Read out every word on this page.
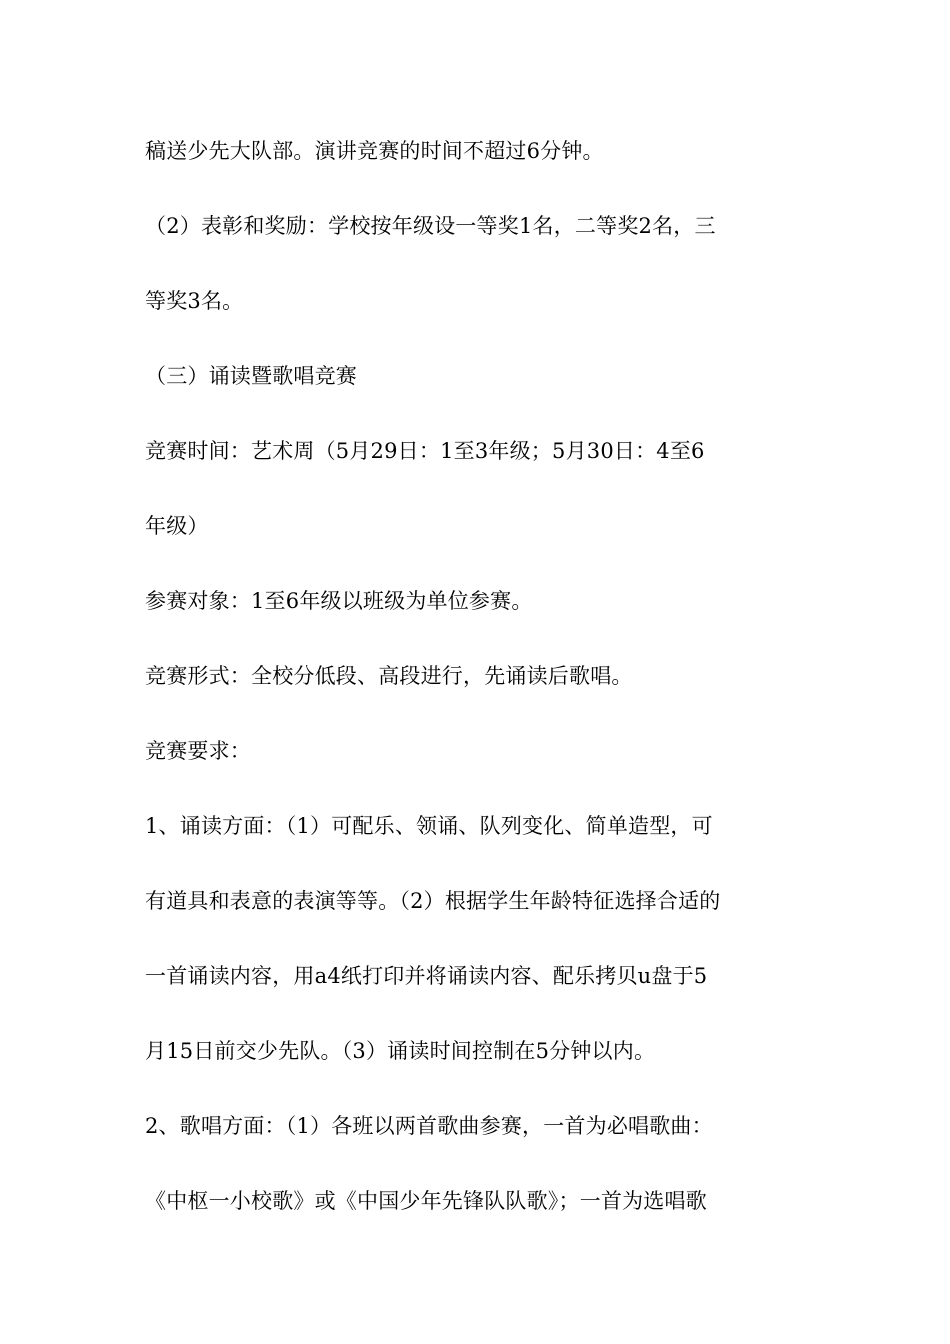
稿送少先大队部。演讲竞赛的时间不超过6分钟。
（2）表彰和奖励：学校按年级设一等奖1名，二等奖2名，三
等奖3名。
（三）诵读暨歌唱竞赛
竞赛时间：艺术周（5月29日：1至3年级；5月30日：4至6
年级）
参赛对象：1至6年级以班级为单位参赛。
竞赛形式：全校分低段、高段进行，先诵读后歌唱。
竞赛要求：
1、诵读方面：（1）可配乐、领诵、队列变化、简单造型，可
有道具和表意的表演等等。（2）根据学生年龄特征选择合适的
一首诵读内容，用a4纸打印并将诵读内容、配乐拷贝u盘于5
月15日前交少先队。（3）诵读时间控制在5分钟以内。
2、歌唱方面：（1）各班以两首歌曲参赛，一首为必唱歌曲：
《中枢一小校歌》或《中国少年先锋队队歌》；一首为选唱歌
